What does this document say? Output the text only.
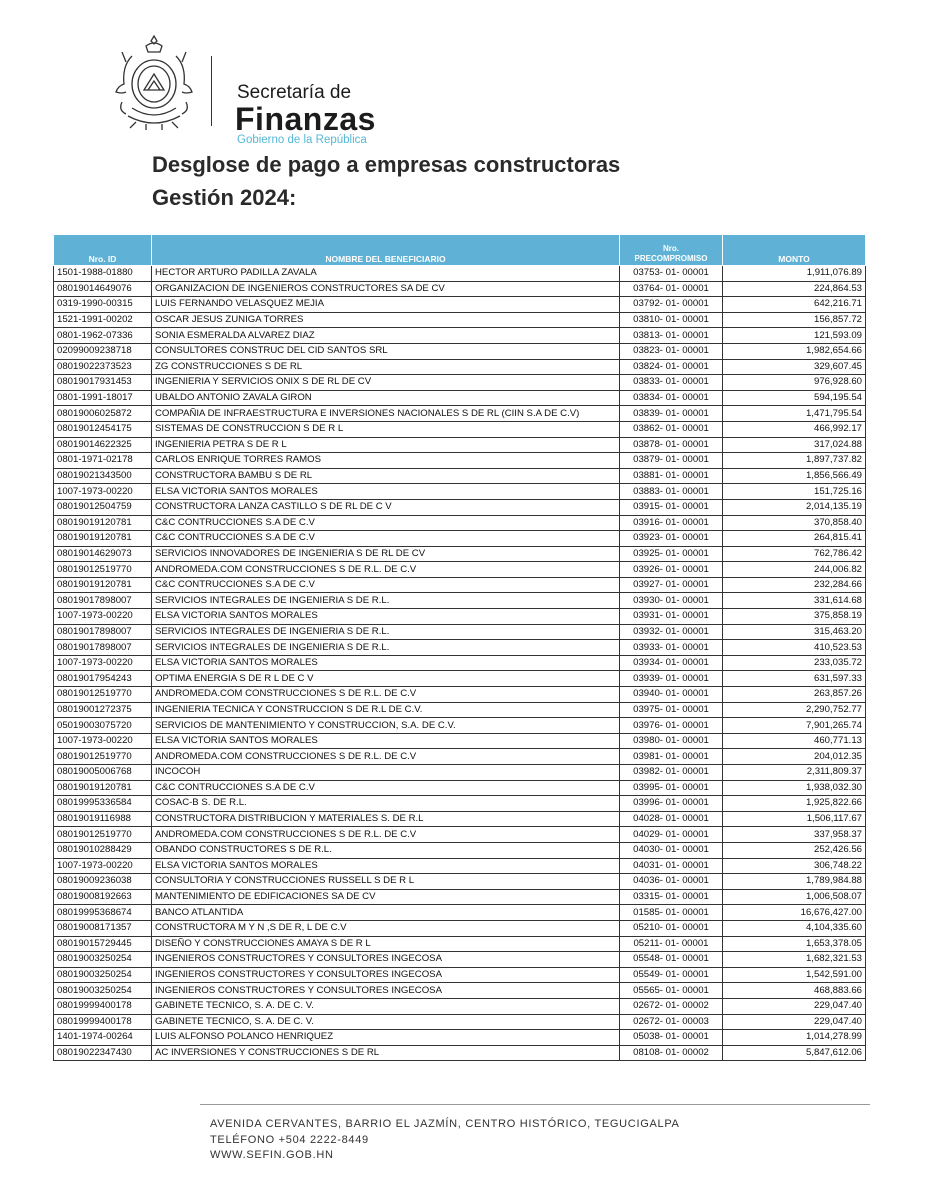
Secretaría de
Finanzas
Gobierno de la República
Desglose de pago a empresas constructoras
Gestión 2024:
Nro. ID	NOMBRE DEL BENEFICIARIO	Nro.
PRECOMPROMISO	MONTO
1501-1988-01880	HECTOR ARTURO PADILLA ZAVALA	03753- 01- 00001	1,911,076.89
08019014649076	ORGANIZACION DE INGENIEROS CONSTRUCTORES SA DE CV	03764- 01- 00001	224,864.53
0319-1990-00315	LUIS FERNANDO VELASQUEZ MEJIA	03792- 01- 00001	642,216.71
1521-1991-00202	OSCAR JESUS ZUNIGA TORRES	03810- 01- 00001	156,857.72
0801-1962-07336	SONIA ESMERALDA ALVAREZ DIAZ	03813- 01- 00001	121,593.09
02099009238718	CONSULTORES CONSTRUC DEL CID SANTOS SRL	03823- 01- 00001	1,982,654.66
08019022373523	ZG CONSTRUCCIONES S DE RL	03824- 01- 00001	329,607.45
08019017931453	INGENIERIA Y SERVICIOS ONIX S DE RL DE CV	03833- 01- 00001	976,928.60
0801-1991-18017	UBALDO ANTONIO ZAVALA GIRON	03834- 01- 00001	594,195.54
08019006025872	COMPAÑIA DE INFRAESTRUCTURA E INVERSIONES NACIONALES S DE RL (CIIN S.A DE C.V)	03839- 01- 00001	1,471,795.54
08019012454175	SISTEMAS DE CONSTRUCCION S DE R L	03862- 01- 00001	466,992.17
08019014622325	INGENIERIA PETRA S DE R L	03878- 01- 00001	317,024.88
0801-1971-02178	CARLOS ENRIQUE TORRES RAMOS	03879- 01- 00001	1,897,737.82
08019021343500	CONSTRUCTORA BAMBU S DE RL	03881- 01- 00001	1,856,566.49
1007-1973-00220	ELSA VICTORIA SANTOS MORALES	03883- 01- 00001	151,725.16
08019012504759	CONSTRUCTORA LANZA CASTILLO S DE RL DE C V	03915- 01- 00001	2,014,135.19
08019019120781	C&C CONTRUCCIONES S.A DE C.V	03916- 01- 00001	370,858.40
08019019120781	C&C CONTRUCCIONES S.A DE C.V	03923- 01- 00001	264,815.41
08019014629073	SERVICIOS INNOVADORES DE INGENIERIA S DE RL DE CV	03925- 01- 00001	762,786.42
08019012519770	ANDROMEDA.COM CONSTRUCCIONES S DE R.L. DE C.V	03926- 01- 00001	244,006.82
08019019120781	C&C CONTRUCCIONES S.A DE C.V	03927- 01- 00001	232,284.66
08019017898007	SERVICIOS INTEGRALES DE INGENIERIA S DE R.L.	03930- 01- 00001	331,614.68
1007-1973-00220	ELSA VICTORIA SANTOS MORALES	03931- 01- 00001	375,858.19
08019017898007	SERVICIOS INTEGRALES DE INGENIERIA S DE R.L.	03932- 01- 00001	315,463.20
08019017898007	SERVICIOS INTEGRALES DE INGENIERIA S DE R.L.	03933- 01- 00001	410,523.53
1007-1973-00220	ELSA VICTORIA SANTOS MORALES	03934- 01- 00001	233,035.72
08019017954243	OPTIMA ENERGIA S DE R L DE C V	03939- 01- 00001	631,597.33
08019012519770	ANDROMEDA.COM CONSTRUCCIONES S DE R.L. DE C.V	03940- 01- 00001	263,857.26
08019001272375	INGENIERIA TECNICA Y CONSTRUCCION S DE R.L DE C.V.	03975- 01- 00001	2,290,752.77
05019003075720	SERVICIOS DE MANTENIMIENTO Y CONSTRUCCION, S.A. DE C.V.	03976- 01- 00001	7,901,265.74
1007-1973-00220	ELSA VICTORIA SANTOS MORALES	03980- 01- 00001	460,771.13
08019012519770	ANDROMEDA.COM CONSTRUCCIONES S DE R.L. DE C.V	03981- 01- 00001	204,012.35
08019005006768	INCOCOH	03982- 01- 00001	2,311,809.37
08019019120781	C&C CONTRUCCIONES S.A DE C.V	03995- 01- 00001	1,938,032.30
08019995336584	COSAC-B S. DE R.L.	03996- 01- 00001	1,925,822.66
08019019116988	CONSTRUCTORA DISTRIBUCION Y MATERIALES S. DE R.L	04028- 01- 00001	1,506,117.67
08019012519770	ANDROMEDA.COM CONSTRUCCIONES S DE R.L. DE C.V	04029- 01- 00001	337,958.37
08019010288429	OBANDO CONSTRUCTORES S DE R.L.	04030- 01- 00001	252,426.56
1007-1973-00220	ELSA VICTORIA SANTOS MORALES	04031- 01- 00001	306,748.22
08019009236038	CONSULTORIA Y CONSTRUCCIONES RUSSELL S DE R L	04036- 01- 00001	1,789,984.88
08019008192663	MANTENIMIENTO DE EDIFICACIONES SA DE CV	03315- 01- 00001	1,006,508.07
08019995368674	BANCO ATLANTIDA	01585- 01- 00001	16,676,427.00
08019008171357	CONSTRUCTORA M Y N ,S DE R, L DE C.V	05210- 01- 00001	4,104,335.60
08019015729445	DISEÑO Y CONSTRUCCIONES AMAYA S DE R L	05211- 01- 00001	1,653,378.05
08019003250254	INGENIEROS CONSTRUCTORES Y CONSULTORES INGECOSA	05548- 01- 00001	1,682,321.53
08019003250254	INGENIEROS CONSTRUCTORES Y CONSULTORES INGECOSA	05549- 01- 00001	1,542,591.00
08019003250254	INGENIEROS CONSTRUCTORES Y CONSULTORES INGECOSA	05565- 01- 00001	468,883.66
08019999400178	GABINETE TECNICO, S. A. DE C. V.	02672- 01- 00002	229,047.40
08019999400178	GABINETE TECNICO, S. A. DE C. V.	02672- 01- 00003	229,047.40
1401-1974-00264	LUIS ALFONSO POLANCO HENRIQUEZ	05038- 01- 00001	1,014,278.99
08019022347430	AC INVERSIONES Y CONSTRUCCIONES S DE RL	08108- 01- 00002	5,847,612.06
AVENIDA CERVANTES, BARRIO EL JAZMÍN, CENTRO HISTÓRICO, TEGUCIGALPA
TELÉFONO +504 2222-8449
WWW.SEFIN.GOB.HN
